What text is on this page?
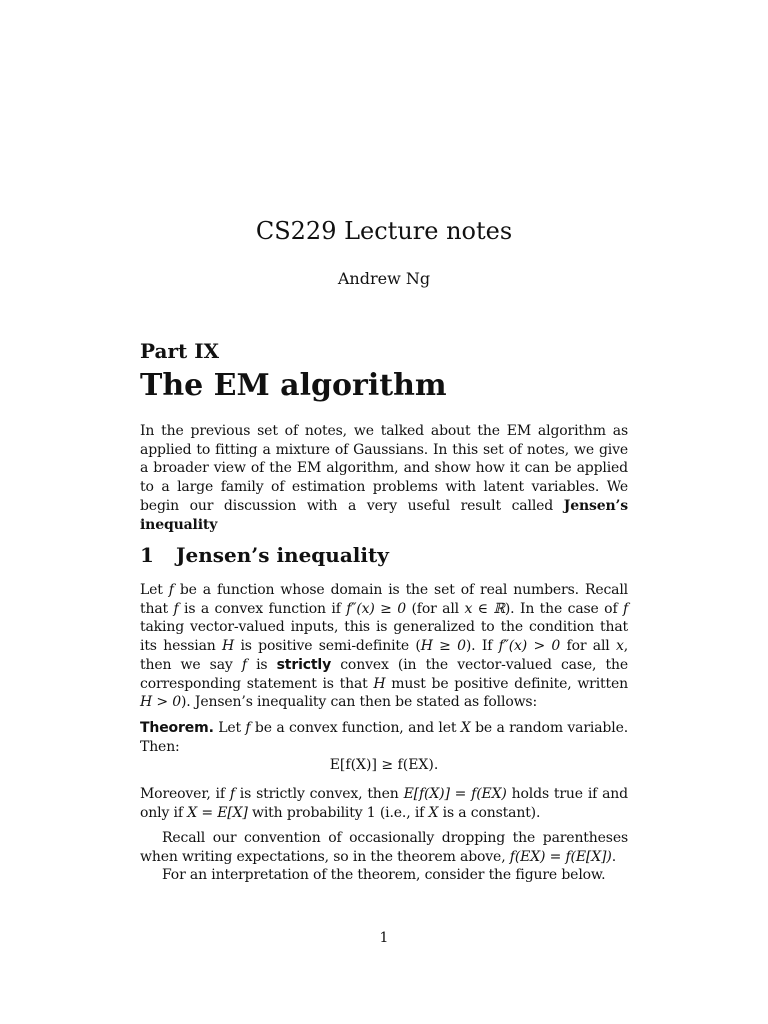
CS229 Lecture notes
Andrew Ng
Part IX
The EM algorithm
In the previous set of notes, we talked about the EM algorithm as applied to fitting a mixture of Gaussians. In this set of notes, we give a broader view of the EM algorithm, and show how it can be applied to a large family of estimation problems with latent variables. We begin our discussion with a very useful result called Jensen’s inequality
1 Jensen’s inequality
Let f be a function whose domain is the set of real numbers. Recall that f is a convex function if f″(x) ≥ 0 (for all x ∈ ℝ). In the case of f taking vector-valued inputs, this is generalized to the condition that its hessian H is positive semi-definite (H ≥ 0). If f″(x) > 0 for all x, then we say f is strictly convex (in the vector-valued case, the corresponding statement is that H must be positive definite, written H > 0). Jensen’s inequality can then be stated as follows:
Theorem. Let f be a convex function, and let X be a random variable. Then:
E[f(X)] ≥ f(EX).
Moreover, if f is strictly convex, then E[f(X)] = f(EX) holds true if and only if X = E[X] with probability 1 (i.e., if X is a constant).
Recall our convention of occasionally dropping the parentheses when writing expectations, so in the theorem above, f(EX) = f(E[X]).
For an interpretation of the theorem, consider the figure below.
1
